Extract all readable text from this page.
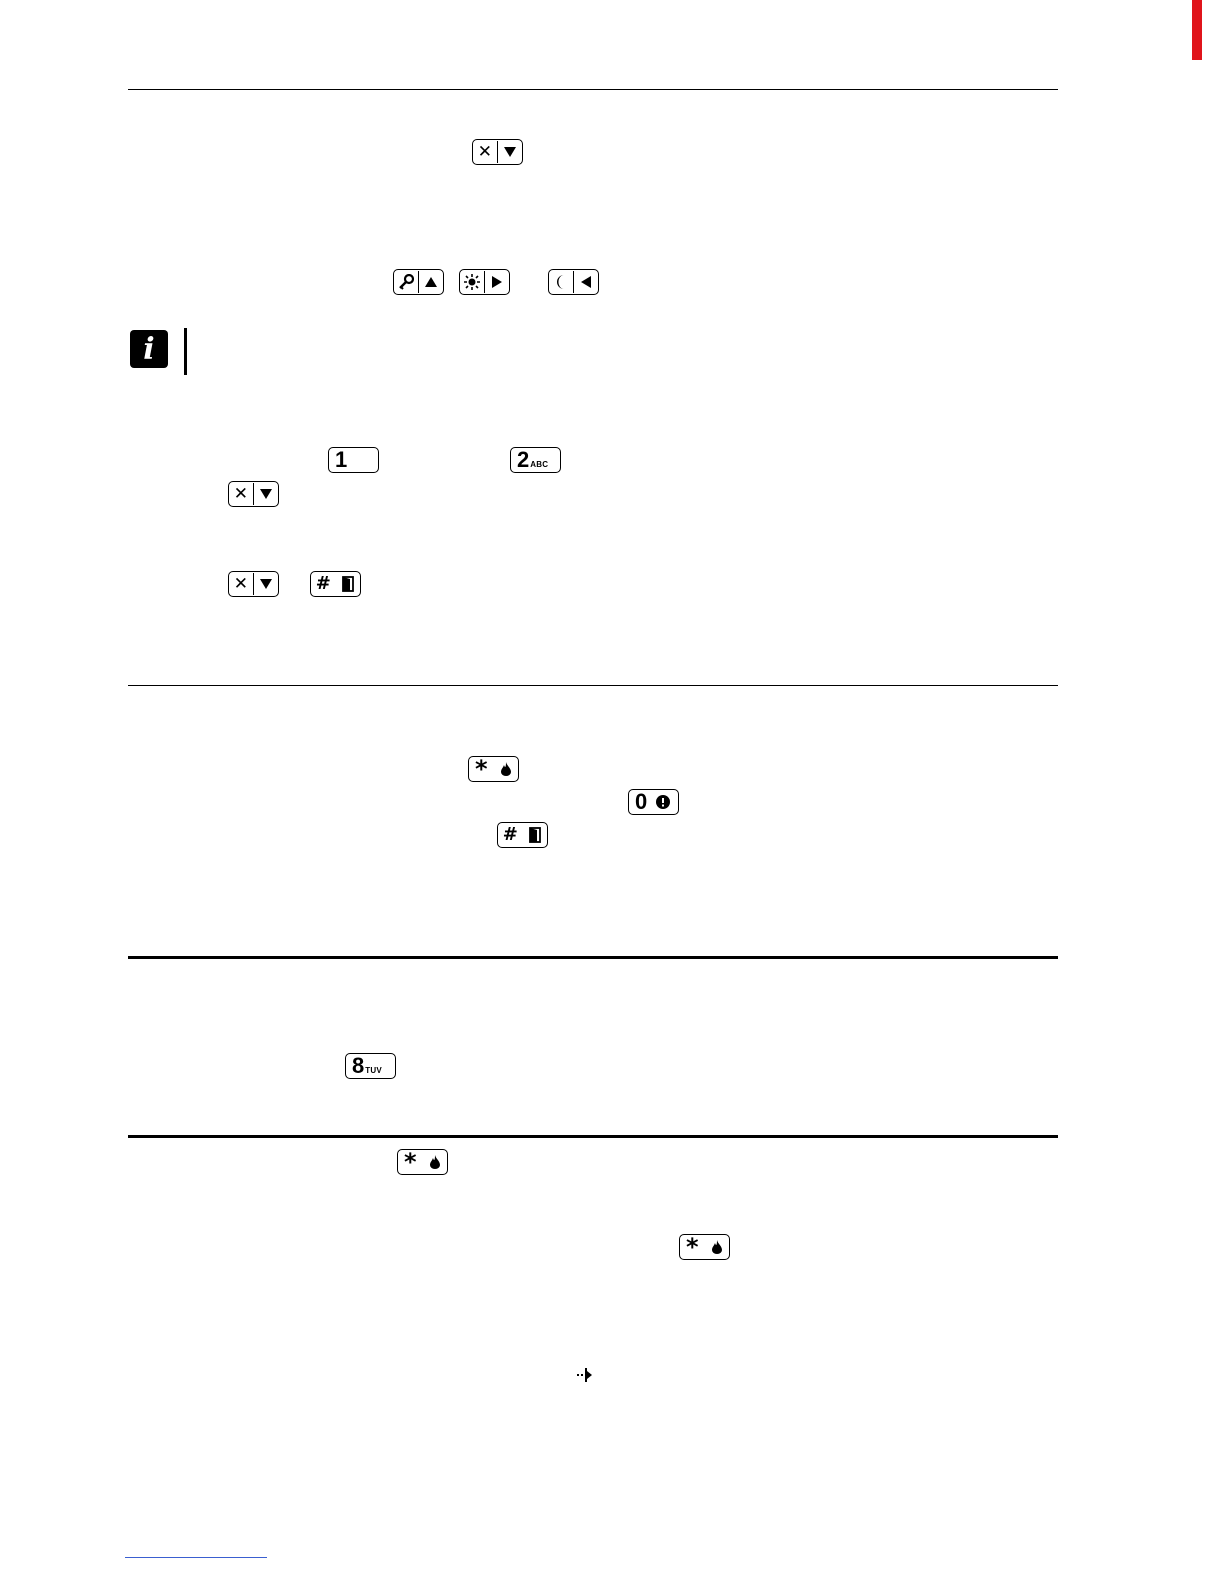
✕
i
1	2 ABC
✕
✕	#
*
0
#
8 TUV
*
*
